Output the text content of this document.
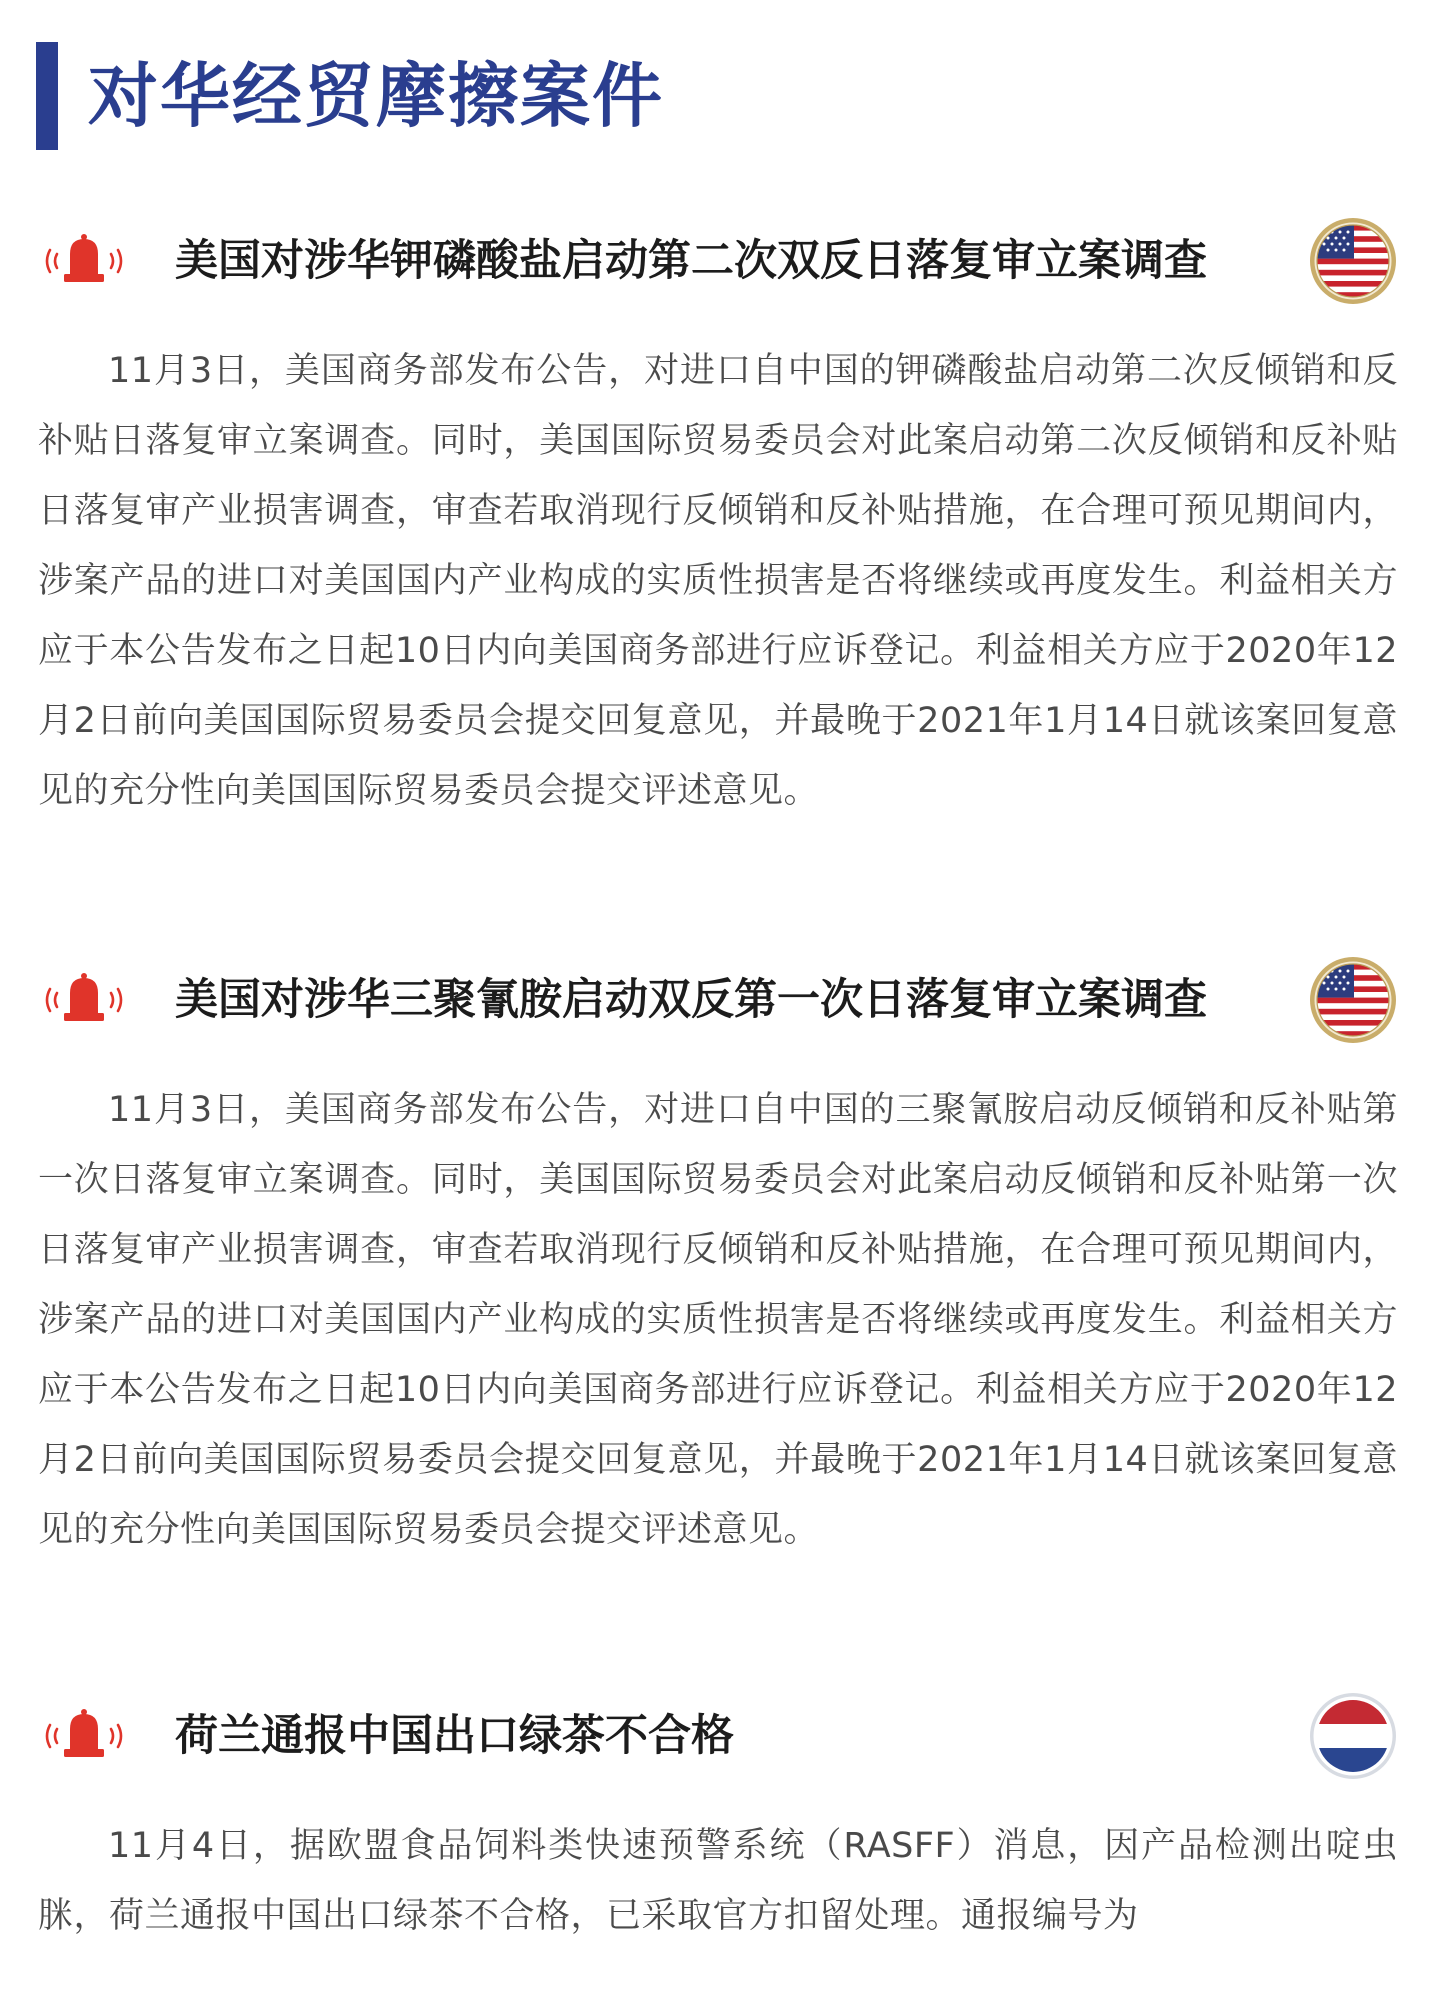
对华经贸摩擦案件
美国对涉华钾磷酸盐启动第二次双反日落复审立案调查

11月3日，美国商务部发布公告，对进口自中国的钾磷酸盐启动第二次反倾销和反补贴日落复审立案调查。同时，美国国际贸易委员会对此案启动第二次反倾销和反补贴日落复审产业损害调查，审查若取消现行反倾销和反补贴措施，在合理可预见期间内，涉案产品的进口对美国国内产业构成的实质性损害是否将继续或再度发生。利益相关方应于本公告发布之日起10日内向美国商务部进行应诉登记。利益相关方应于2020年12月2日前向美国国际贸易委员会提交回复意见，并最晚于2021年1月14日就该案回复意见的充分性向美国国际贸易委员会提交评述意见。

美国对涉华三聚氰胺启动双反第一次日落复审立案调查

11月3日，美国商务部发布公告，对进口自中国的三聚氰胺启动反倾销和反补贴第一次日落复审立案调查。同时，美国国际贸易委员会对此案启动反倾销和反补贴第一次日落复审产业损害调查，审查若取消现行反倾销和反补贴措施，在合理可预见期间内，涉案产品的进口对美国国内产业构成的实质性损害是否将继续或再度发生。利益相关方应于本公告发布之日起10日内向美国商务部进行应诉登记。利益相关方应于2020年12月2日前向美国国际贸易委员会提交回复意见，并最晚于2021年1月14日就该案回复意见的充分性向美国国际贸易委员会提交评述意见。

荷兰通报中国出口绿茶不合格

11月4日，据欧盟食品饲料类快速预警系统（RASFF）消息，因产品检测出啶虫脒，荷兰通报中国出口绿茶不合格，已采取官方扣留处理。通报编号为
